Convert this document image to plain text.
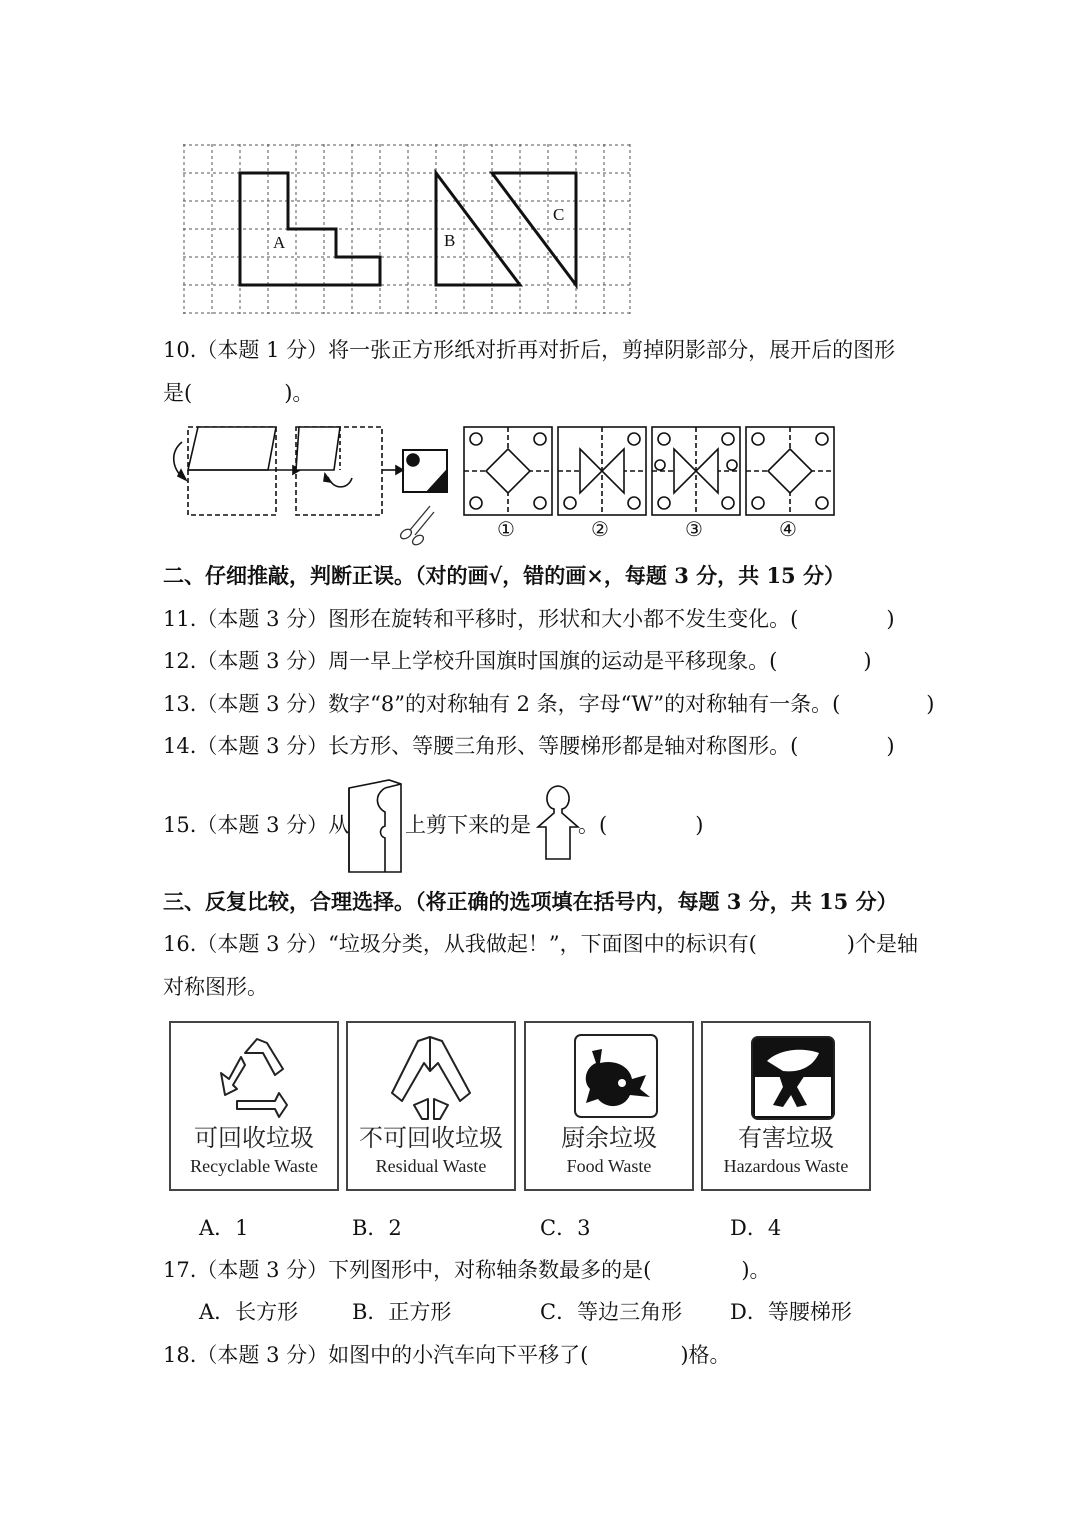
A	B
C
10.（本题 1 分）将一张正方形纸对折再对折后，剪掉阴影部分，展开后的图形
是(	)。
①	②	③	④
二、仔细推敲，判断正误。（对的画√，错的画×，每题 3 分，共 15 分）
11.（本题 3 分）图形在旋转和平移时，形状和大小都不发生变化。(	)
12.（本题 3 分）周一早上学校升国旗时国旗的运动是平移现象。(	)
13.（本题 3 分）数字“8”的对称轴有 2 条，字母“W”的对称轴有一条。(	)
14.（本题 3 分）长方形、等腰三角形、等腰梯形都是轴对称图形。(	)
15.（本题 3 分）从	上剪下来的是 。(	)
三、反复比较，合理选择。（将正确的选项填在括号内，每题 3 分，共 15 分）
16.（本题 3 分）“垃圾分类，从我做起！”，下面图中的标识有(	)个是轴
对称图形。
可回收垃圾
Recyclable Waste
不可回收垃圾
Residual Waste
厨余垃圾
Food Waste
有害垃圾
Hazardous Waste
A．1	B．2	C．3	D．4
17.（本题 3 分）下列图形中，对称轴条数最多的是(	)。
A．长方形	B．正方形	C．等边三角形 D．等腰梯形
18.（本题 3 分）如图中的小汽车向下平移了(	)格。
